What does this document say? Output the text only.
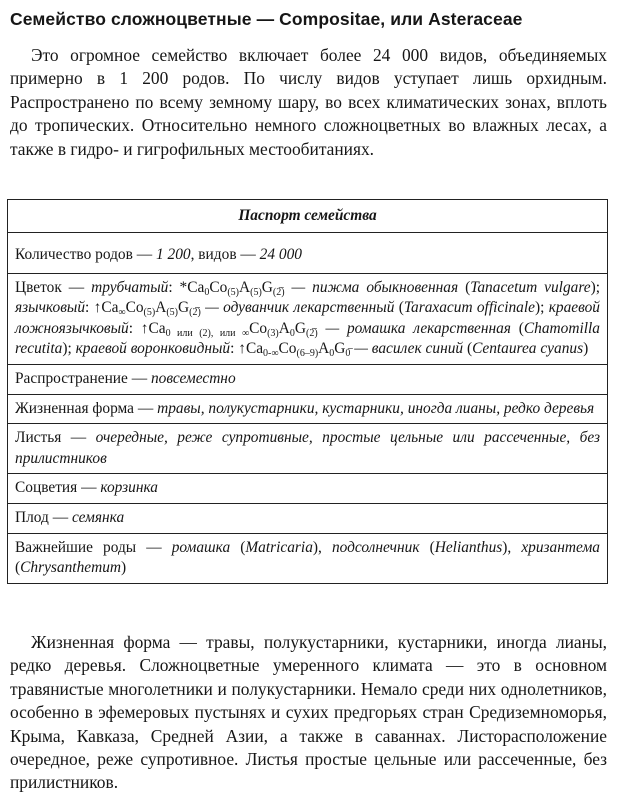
Семейство сложноцветные — Compositae, или Asteraceae

Это огромное семейство включает более 24 000 видов, объединяемых примерно в 1 200 родов. По числу видов уступает лишь орхидным. Распространено по всему земному шару, во всех климатических зонах, вплоть до тропических. Относительно немного сложноцветных во влажных лесах, а также в гидро- и гигрофильных местообитаниях.

Паспорт семейства
Количество родов — 1 200, видов — 24 000
Цветок — трубчатый: $*Ca_0Co_{(5)}A_{(5)}G_{(2̅)}$ — пижма обыкновенная (Tanacetum vulgare); язычковый: $↑Ca_\infty Co_{(5)}A_{(5)}G_{(2̅)}$ — одуванчик лекарственный (Taraxacum officinale); краевой ложноязычковый: $↑Ca_{0 или (2), или \infty}Co_{(3)}A_0G_{(2̅)}$ — ромашка лекарственная (Chamomilla recutita); краевой воронковидный: $↑Ca_{0-\infty}Co_{(6-9)}A_0G_{0̅}$ — василек синий (Centaurea cyanus)
Распространение — повсеместно
Жизненная форма — травы, полукустарники, кустарники, иногда лианы, редко деревья
Листья — очередные, реже супротивные, простые цельные или рассеченные, без прилистников
Соцветия — корзинка
Плод — семянка
Важнейшие роды — ромашка (Matricaria), подсолнечник (Helianthus), хризантема (Chrysanthemum)

Жизненная форма — травы, полукустарники, кустарники, иногда лианы, редко деревья. Сложноцветные умеренного климата — это в основном травянистые многолетники и полукустарники. Немало среди них однолетников, особенно в эфемеровых пустынях и сухих предгорьях стран Средиземноморья, Крыма, Кавказа, Средней Азии, а также в саваннах. Листорасположение очередное, реже супротивное. Листья простые цельные или рассеченные, без прилистников.
